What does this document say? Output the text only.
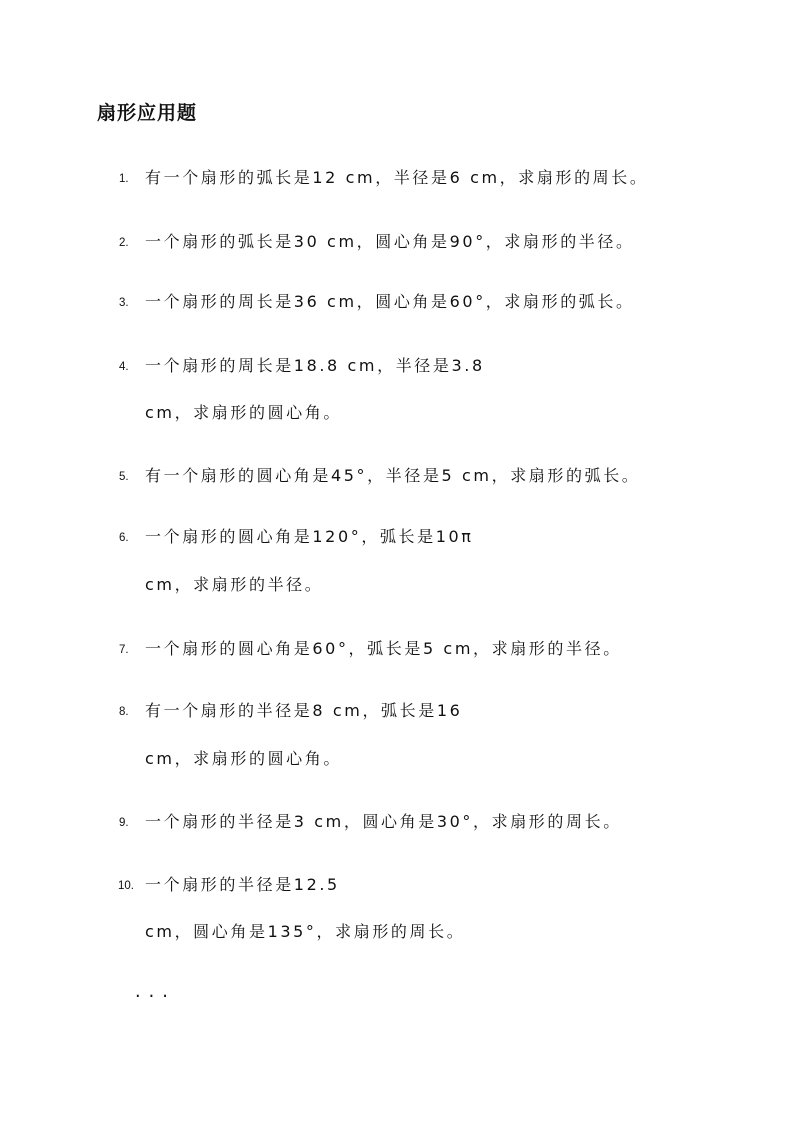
扇形应用题
1. 有一个扇形的弧长是12 cm，半径是6 cm，求扇形的周长。
2. 一个扇形的弧长是30 cm，圆心角是90°，求扇形的半径。
3. 一个扇形的周长是36 cm，圆心角是60°，求扇形的弧长。
4. 一个扇形的周长是18.8 cm，半径是3.8
cm，求扇形的圆心角。
5. 有一个扇形的圆心角是45°，半径是5 cm，求扇形的弧长。
6. 一个扇形的圆心角是120°，弧长是10π
cm，求扇形的半径。
7. 一个扇形的圆心角是60°，弧长是5 cm，求扇形的半径。
8. 有一个扇形的半径是8 cm，弧长是16
cm，求扇形的圆心角。
9. 一个扇形的半径是3 cm，圆心角是30°，求扇形的周长。
10. 一个扇形的半径是12.5
cm，圆心角是135°，求扇形的周长。
...
